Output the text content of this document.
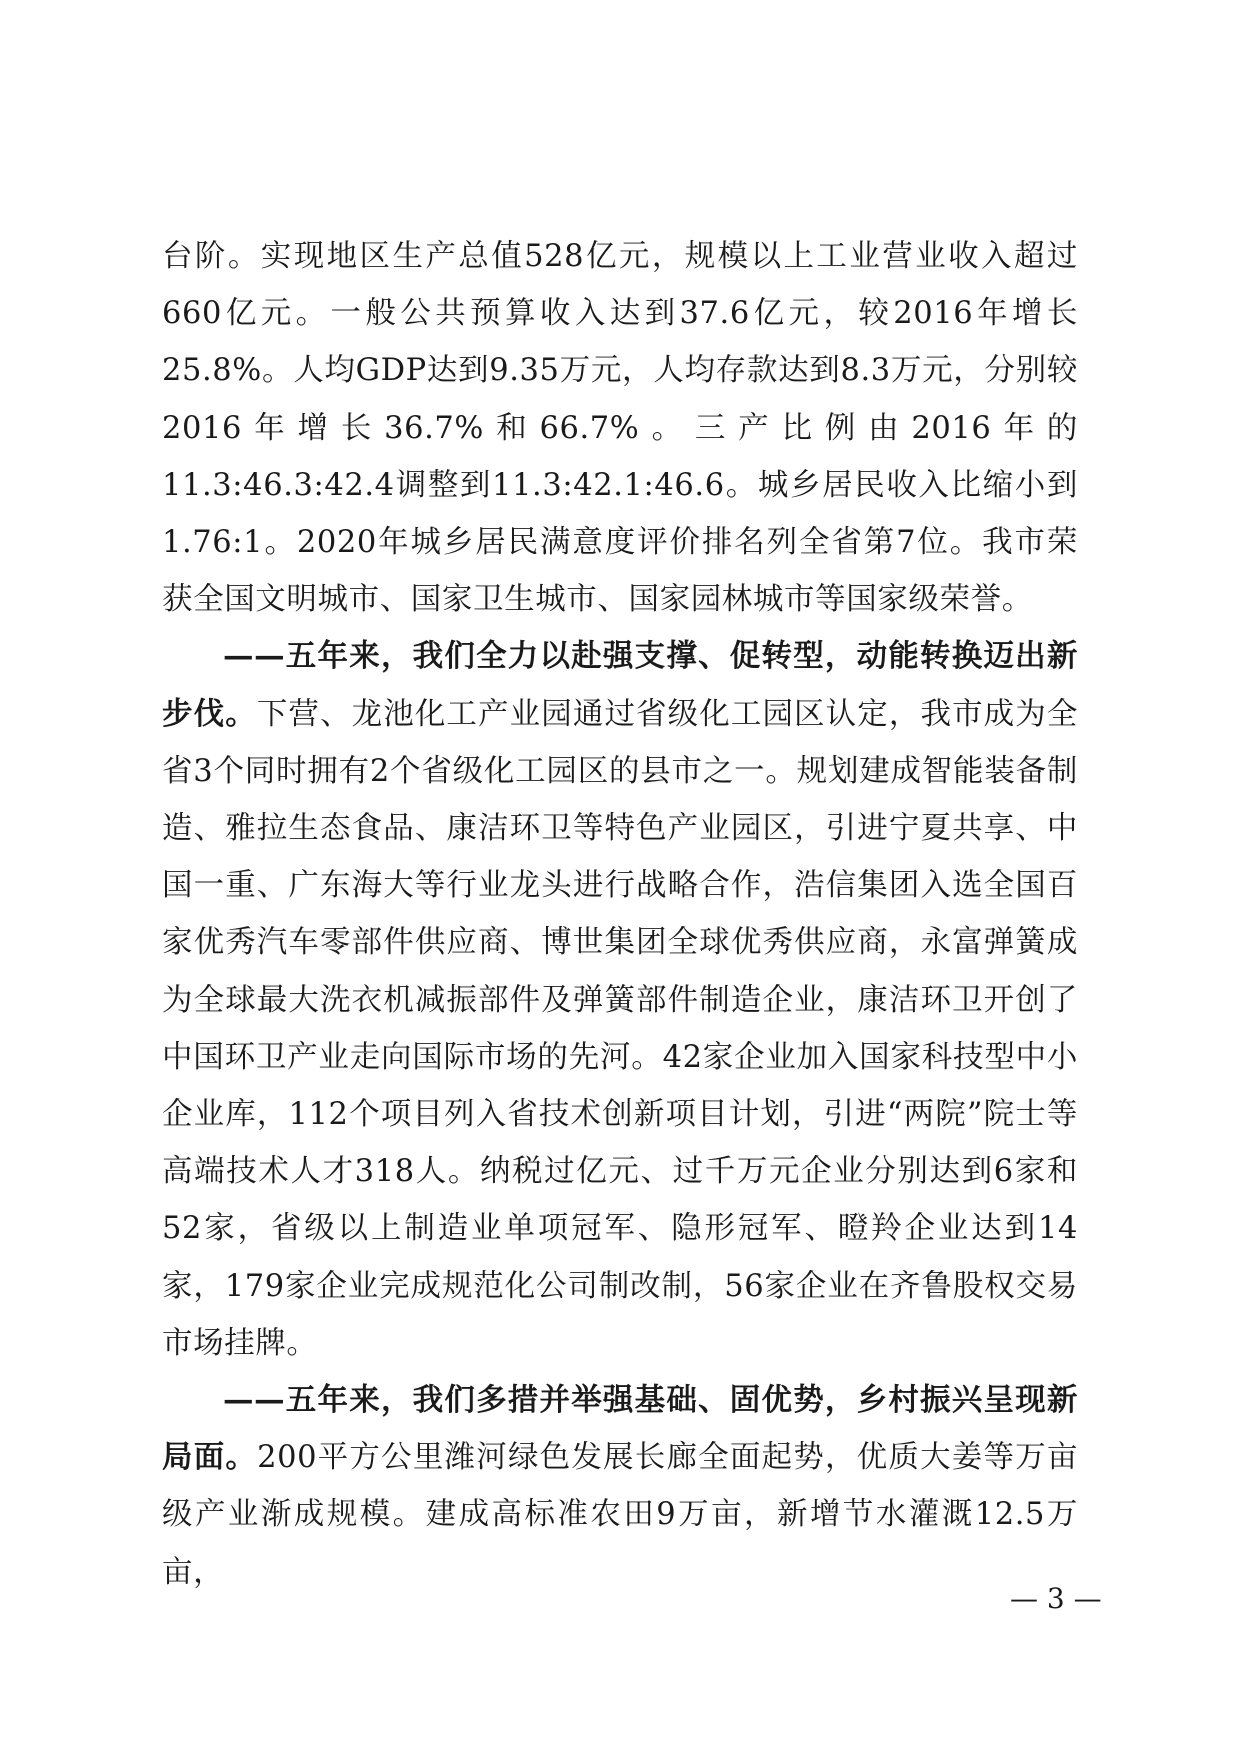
台阶。实现地区生产总值528亿元，规模以上工业营业收入超过660亿元。一般公共预算收入达到37.6亿元，较2016年增长25.8%。人均GDP达到9.35万元，人均存款达到8.3万元，分别较2016年增长36.7%和66.7%。三产比例由2016年的11.3:46.3:42.4调整到11.3:42.1:46.6。城乡居民收入比缩小到1.76:1。2020年城乡居民满意度评价排名列全省第7位。我市荣获全国文明城市、国家卫生城市、国家园林城市等国家级荣誉。

——五年来，我们全力以赴强支撑、促转型，动能转换迈出新步伐。下营、龙池化工产业园通过省级化工园区认定，我市成为全省3个同时拥有2个省级化工园区的县市之一。规划建成智能装备制造、雅拉生态食品、康洁环卫等特色产业园区，引进宁夏共享、中国一重、广东海大等行业龙头进行战略合作，浩信集团入选全国百家优秀汽车零部件供应商、博世集团全球优秀供应商，永富弹簧成为全球最大洗衣机减振部件及弹簧部件制造企业，康洁环卫开创了中国环卫产业走向国际市场的先河。42家企业加入国家科技型中小企业库，112个项目列入省技术创新项目计划，引进“两院”院士等高端技术人才318人。纳税过亿元、过千万元企业分别达到6家和52家，省级以上制造业单项冠军、隐形冠军、瞪羚企业达到14家，179家企业完成规范化公司制改制，56家企业在齐鲁股权交易市场挂牌。

——五年来，我们多措并举强基础、固优势，乡村振兴呈现新局面。200平方公里潍河绿色发展长廊全面起势，优质大姜等万亩级产业渐成规模。建成高标准农田9万亩，新增节水灌溉12.5万亩，

— 3 —
